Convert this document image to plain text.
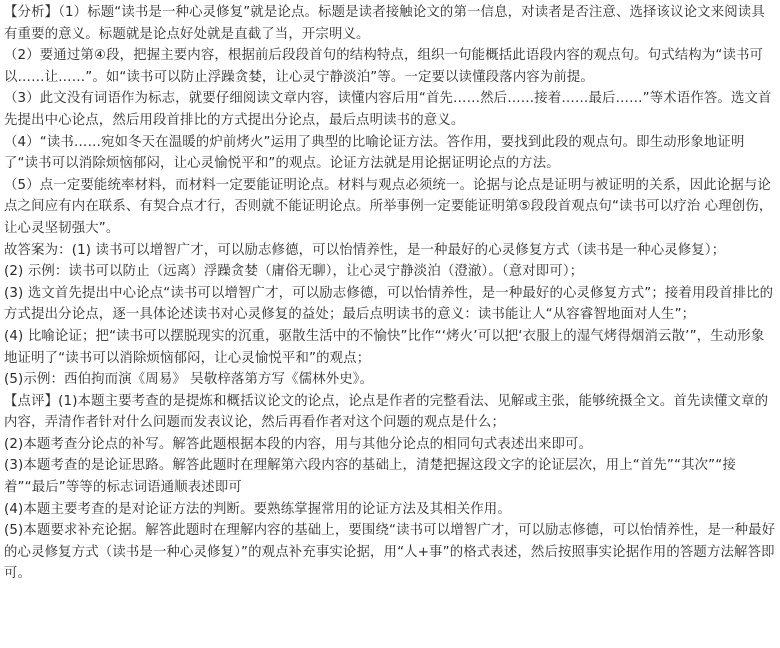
【分析】（1）标题“读书是一种心灵修复”就是论点。标题是读者接触论文的第一信息，对读者是否注意、选择该议论文来阅读具有重要的意义。标题就是论点好处就是直截了当，开宗明义。

（2）要通过第④段，把握主要内容，根据前后段段首句的结构特点，组织一句能概括此语段内容的观点句。句式结构为“读书可以……让……”。如“读书可以防止浮躁贪婪，让心灵宁静淡泊”等。一定要以读懂段落内容为前提。

（3）此文没有词语作为标志，就要仔细阅读文章内容，读懂内容后用“首先……然后……接着……最后……”等术语作答。选文首先提出中心论点，然后用段首排比的方式提出分论点，最后点明读书的意义。

（4）“读书……宛如冬天在温暖的炉前烤火”运用了典型的比喻论证方法。答作用，要找到此段的观点句。即生动形象地证明了“读书可以消除烦恼郁闷，让心灵愉悦平和”的观点。论证方法就是用论据证明论点的方法。

（5）点一定要能统率材料，而材料一定要能证明论点。材料与观点必须统一。论据与论点是证明与被证明的关系，因此论据与论点之间应有内在联系、有契合点才行，否则就不能证明论点。所举事例一定要能证明第⑤段段首观点句“读书可以疗治 心理创伤，让心灵坚韧强大”。

故答案为：(1) 读书可以增智广才，可以励志修德，可以怡情养性，是一种最好的心灵修复方式（读书是一种心灵修复）；

(2) 示例：读书可以防止（远离）浮躁贪婪（庸俗无聊），让心灵宁静淡泊（澄澈）。（意对即可）；

(3) 选文首先提出中心论点“读书可以增智广才，可以励志修德，可以怡情养性，是一种最好的心灵修复方式”；接着用段首排比的方式提出分论点，逐一具体论述读书对心灵修复的益处；最后点明读书的意义：读书能让人“从容睿智地面对人生”；

(4) 比喻论证；把“读书可以摆脱现实的沉重，驱散生活中的不愉快”比作“‘烤火’可以把‘衣服上的湿气烤得烟消云散’”，生动形象地证明了“读书可以消除烦恼郁闷，让心灵愉悦平和”的观点；

(5)示例：西伯拘而演《周易》 吴敬梓落第方写《儒林外史》。

【点评】(1)本题主要考查的是提炼和概括议论文的论点，论点是作者的完整看法、见解或主张，能够统摄全文。首先读懂文章的内容，弄清作者针对什么问题而发表议论，然后再看作者对这个问题的观点是什么；

(2)本题考查分论点的补写。解答此题根据本段的内容，用与其他分论点的相同句式表述出来即可。

(3)本题考查的是论证思路。解答此题时在理解第六段内容的基础上，清楚把握这段文字的论证层次，用上“首先”“其次”“接着”“最后”等等的标志词语通顺表述即可

(4)本题主要考查的是对论证方法的判断。要熟练掌握常用的论证方法及其相关作用。

(5)本题要求补充论据。解答此题时在理解内容的基础上，要围绕“读书可以增智广才，可以励志修德，可以怡情养性，是一种最好的心灵修复方式（读书是一种心灵修复）”的观点补充事实论据，用“人+事”的格式表述，然后按照事实论据作用的答题方法解答即可。
